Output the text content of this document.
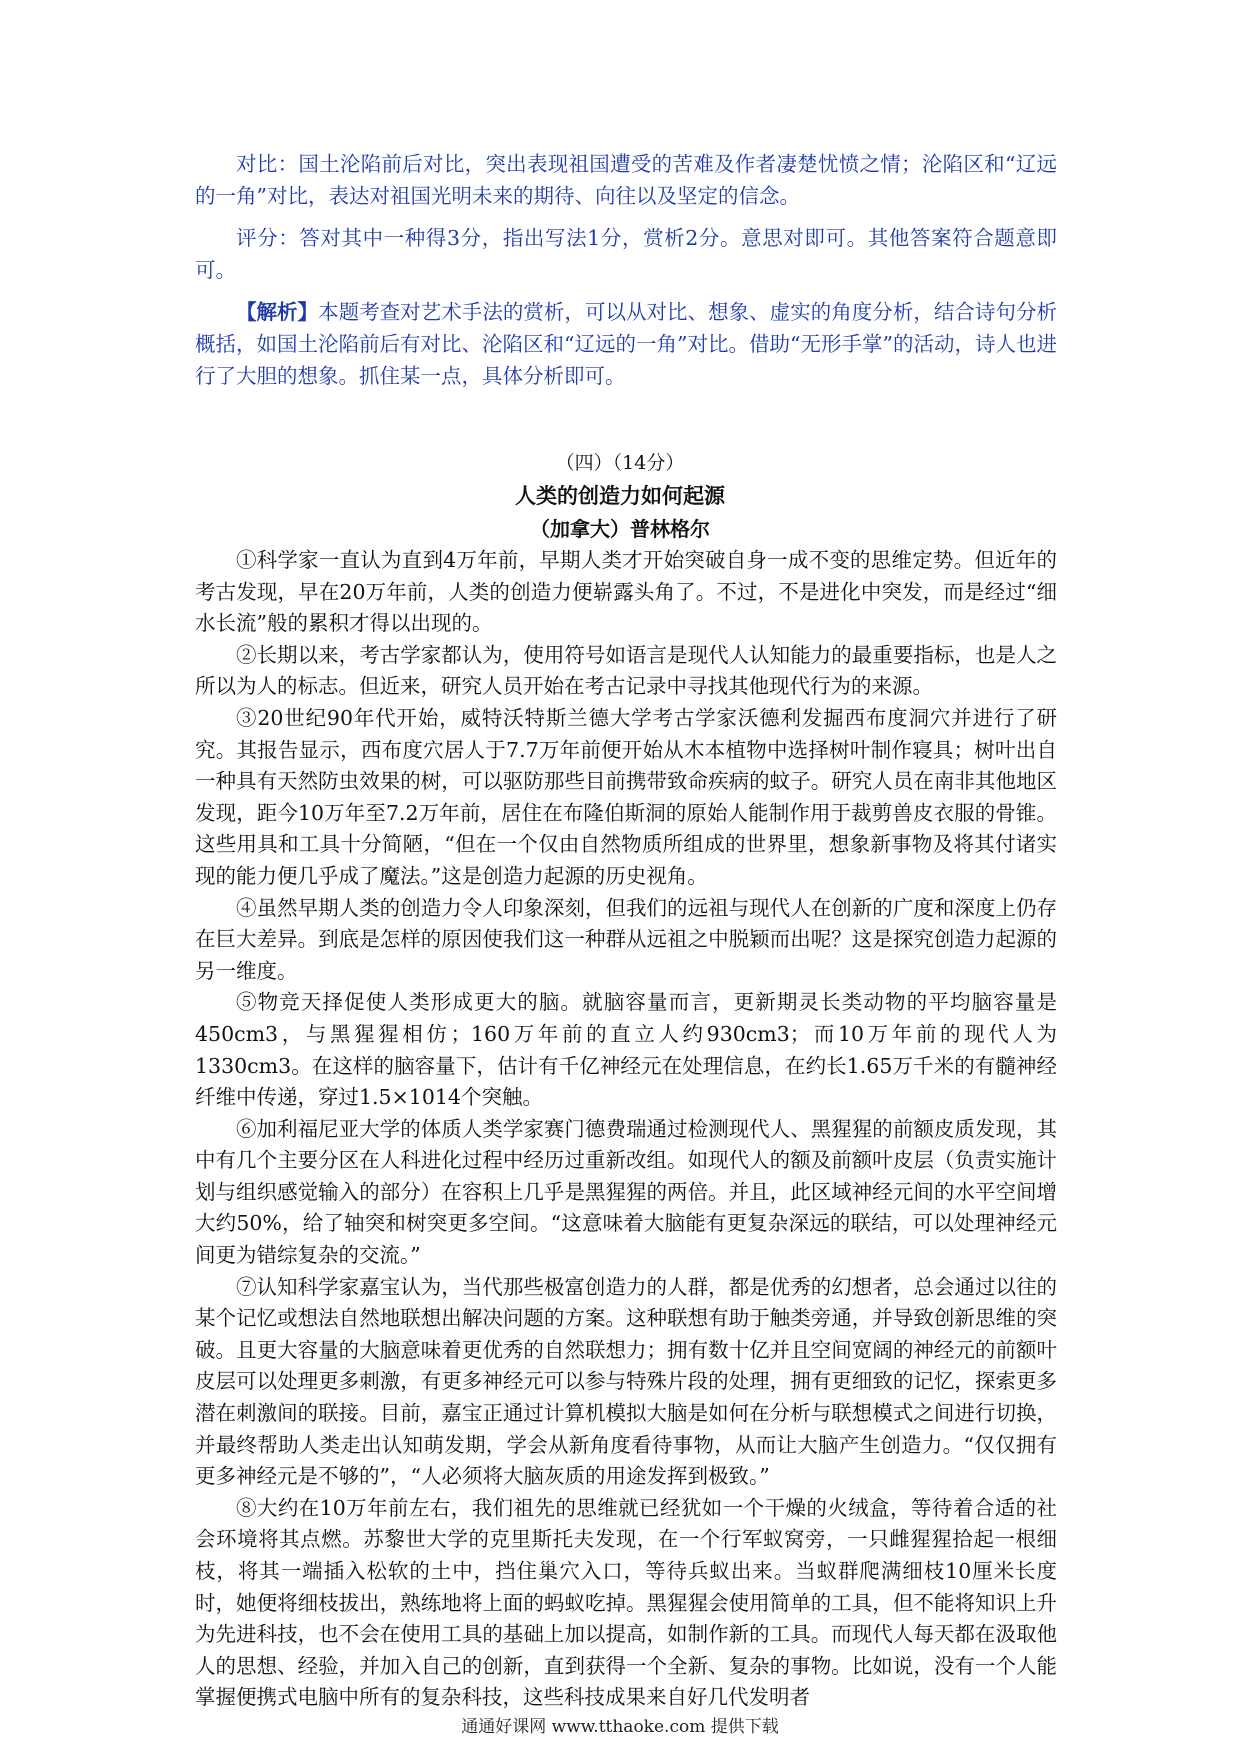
对比：国土沦陷前后对比，突出表现祖国遭受的苦难及作者凄楚忧愤之情；沦陷区和“辽远的一角”对比，表达对祖国光明未来的期待、向往以及坚定的信念。

评分：答对其中一种得3分，指出写法1分，赏析2分。意思对即可。其他答案符合题意即可。

【解析】本题考查对艺术手法的赏析，可以从对比、想象、虚实的角度分析，结合诗句分析概括，如国土沦陷前后有对比、沦陷区和“辽远的一角”对比。借助“无形手掌”的活动，诗人也进行了大胆的想象。抓住某一点，具体分析即可。

（四）（14分）
人类的创造力如何起源
（加拿大）普林格尔

①科学家一直认为直到4万年前，早期人类才开始突破自身一成不变的思维定势。但近年的考古发现，早在20万年前，人类的创造力便崭露头角了。不过，不是进化中突发，而是经过“细水长流”般的累积才得以出现的。

②长期以来，考古学家都认为，使用符号如语言是现代人认知能力的最重要指标，也是人之所以为人的标志。但近来，研究人员开始在考古记录中寻找其他现代行为的来源。

③20世纪90年代开始，威特沃特斯兰德大学考古学家沃德利发掘西布度洞穴并进行了研究。其报告显示，西布度穴居人于7.7万年前便开始从木本植物中选择树叶制作寝具；树叶出自一种具有天然防虫效果的树，可以驱防那些目前携带致命疾病的蚊子。研究人员在南非其他地区发现，距今10万年至7.2万年前，居住在布隆伯斯洞的原始人能制作用于裁剪兽皮衣服的骨锥。这些用具和工具十分简陋，“但在一个仅由自然物质所组成的世界里，想象新事物及将其付诸实现的能力便几乎成了魔法。”这是创造力起源的历史视角。

④虽然早期人类的创造力令人印象深刻，但我们的远祖与现代人在创新的广度和深度上仍存在巨大差异。到底是怎样的原因使我们这一种群从远祖之中脱颖而出呢？这是探究创造力起源的另一维度。

⑤物竞天择促使人类形成更大的脑。就脑容量而言，更新期灵长类动物的平均脑容量是450cm3，与黑猩猩相仿；160万年前的直立人约930cm3；而10万年前的现代人为1330cm3。在这样的脑容量下，估计有千亿神经元在处理信息，在约长1.65万千米的有髓神经纤维中传递，穿过1.5×1014个突触。

⑥加利福尼亚大学的体质人类学家赛门德费瑞通过检测现代人、黑猩猩的前额皮质发现，其中有几个主要分区在人科进化过程中经历过重新改组。如现代人的额及前额叶皮层（负责实施计划与组织感觉输入的部分）在容积上几乎是黑猩猩的两倍。并且，此区域神经元间的水平空间增大约50%，给了轴突和树突更多空间。“这意味着大脑能有更复杂深远的联结，可以处理神经元间更为错综复杂的交流。”

⑦认知科学家嘉宝认为，当代那些极富创造力的人群，都是优秀的幻想者，总会通过以往的某个记忆或想法自然地联想出解决问题的方案。这种联想有助于触类旁通，并导致创新思维的突破。且更大容量的大脑意味着更优秀的自然联想力；拥有数十亿并且空间宽阔的神经元的前额叶皮层可以处理更多刺激，有更多神经元可以参与特殊片段的处理，拥有更细致的记忆，探索更多潜在刺激间的联接。目前，嘉宝正通过计算机模拟大脑是如何在分析与联想模式之间进行切换，并最终帮助人类走出认知萌发期，学会从新角度看待事物，从而让大脑产生创造力。“仅仅拥有更多神经元是不够的”，“人必须将大脑灰质的用途发挥到极致。”

⑧大约在10万年前左右，我们祖先的思维就已经犹如一个干燥的火绒盒，等待着合适的社会环境将其点燃。苏黎世大学的克里斯托夫发现，在一个行军蚁窝旁，一只雌猩猩拾起一根细枝，将其一端插入松软的土中，挡住巢穴入口，等待兵蚁出来。当蚁群爬满细枝10厘米长度时，她便将细枝拔出，熟练地将上面的蚂蚁吃掉。黑猩猩会使用简单的工具，但不能将知识上升为先进科技，也不会在使用工具的基础上加以提高，如制作新的工具。而现代人每天都在汲取他人的思想、经验，并加入自己的创新，直到获得一个全新、复杂的事物。比如说，没有一个人能掌握便携式电脑中所有的复杂科技，这些科技成果来自好几代发明者

通通好课网 www.tthaoke.com 提供下载
